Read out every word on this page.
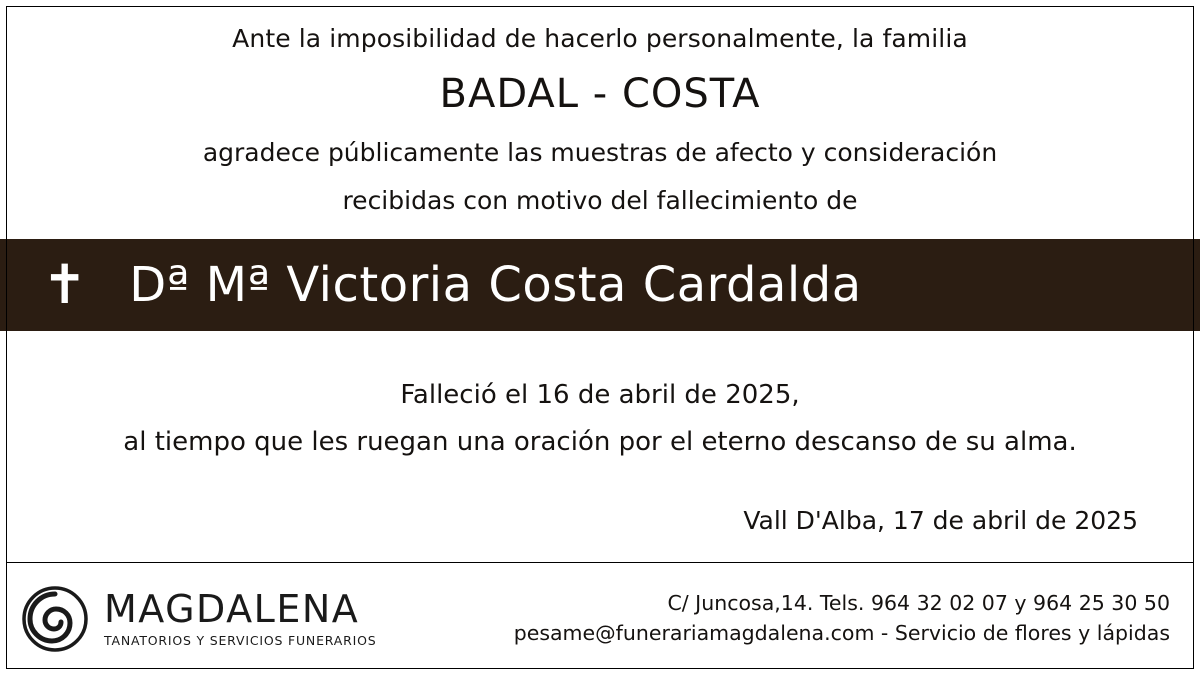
Ante la imposibilidad de hacerlo personalmente, la familia
BADAL - COSTA
agradece públicamente las muestras de afecto y consideración
recibidas con motivo del fallecimiento de
✝ Dª Mª Victoria Costa Cardalda
Falleció el 16 de abril de 2025,
al tiempo que les ruegan una oración por el eterno descanso de su alma.
Vall D'Alba, 17 de abril de 2025
MAGDALENA
TANATORIOS Y SERVICIOS FUNERARIOS
C/ Juncosa,14. Tels. 964 32 02 07 y 964 25 30 50
pesame@funerariamagdalena.com - Servicio de flores y lápidas
